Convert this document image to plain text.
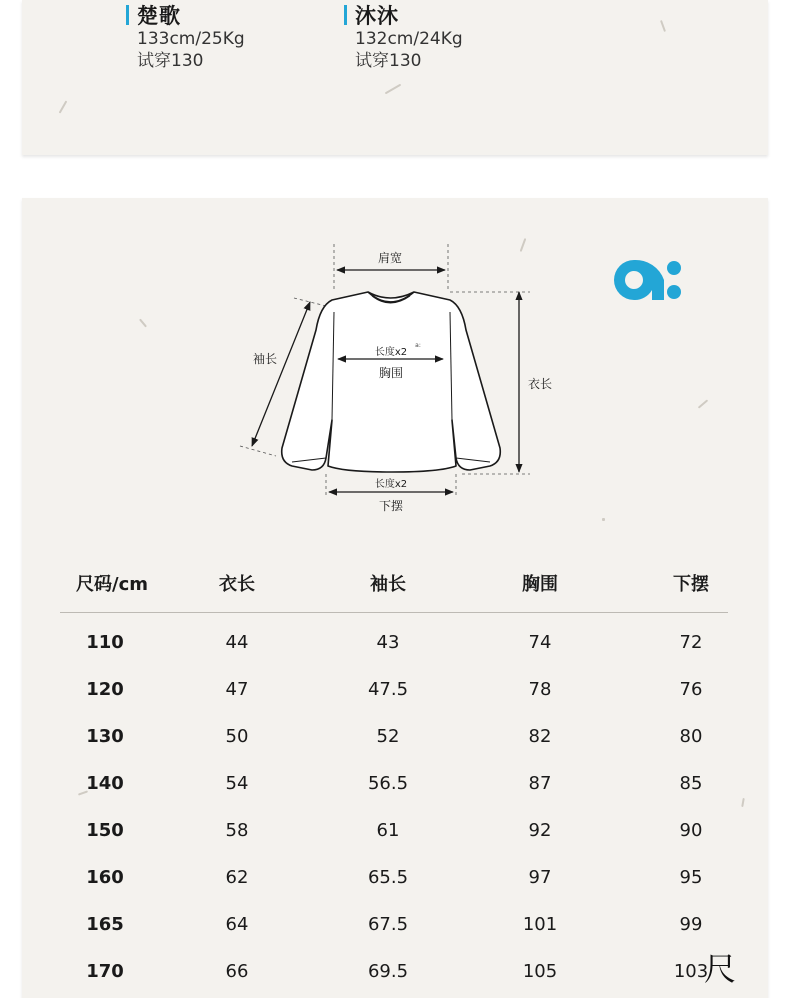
楚歌
133cm/25Kg
试穿130
沐沐
132cm/24Kg
试穿130
肩宽
袖长	长度x2
胸围
衣长
长度x2
下摆
a:
尺码/cm	衣长	袖长	胸围	下摆
110	44	43	74	72
120	47	47.5	78	76
130	50	52	82	80
140	54	56.5	87	85
150	58	61	92	90
160	62	65.5	97	95
165	64	67.5	101	99
170	66	69.5	105	103
尺
